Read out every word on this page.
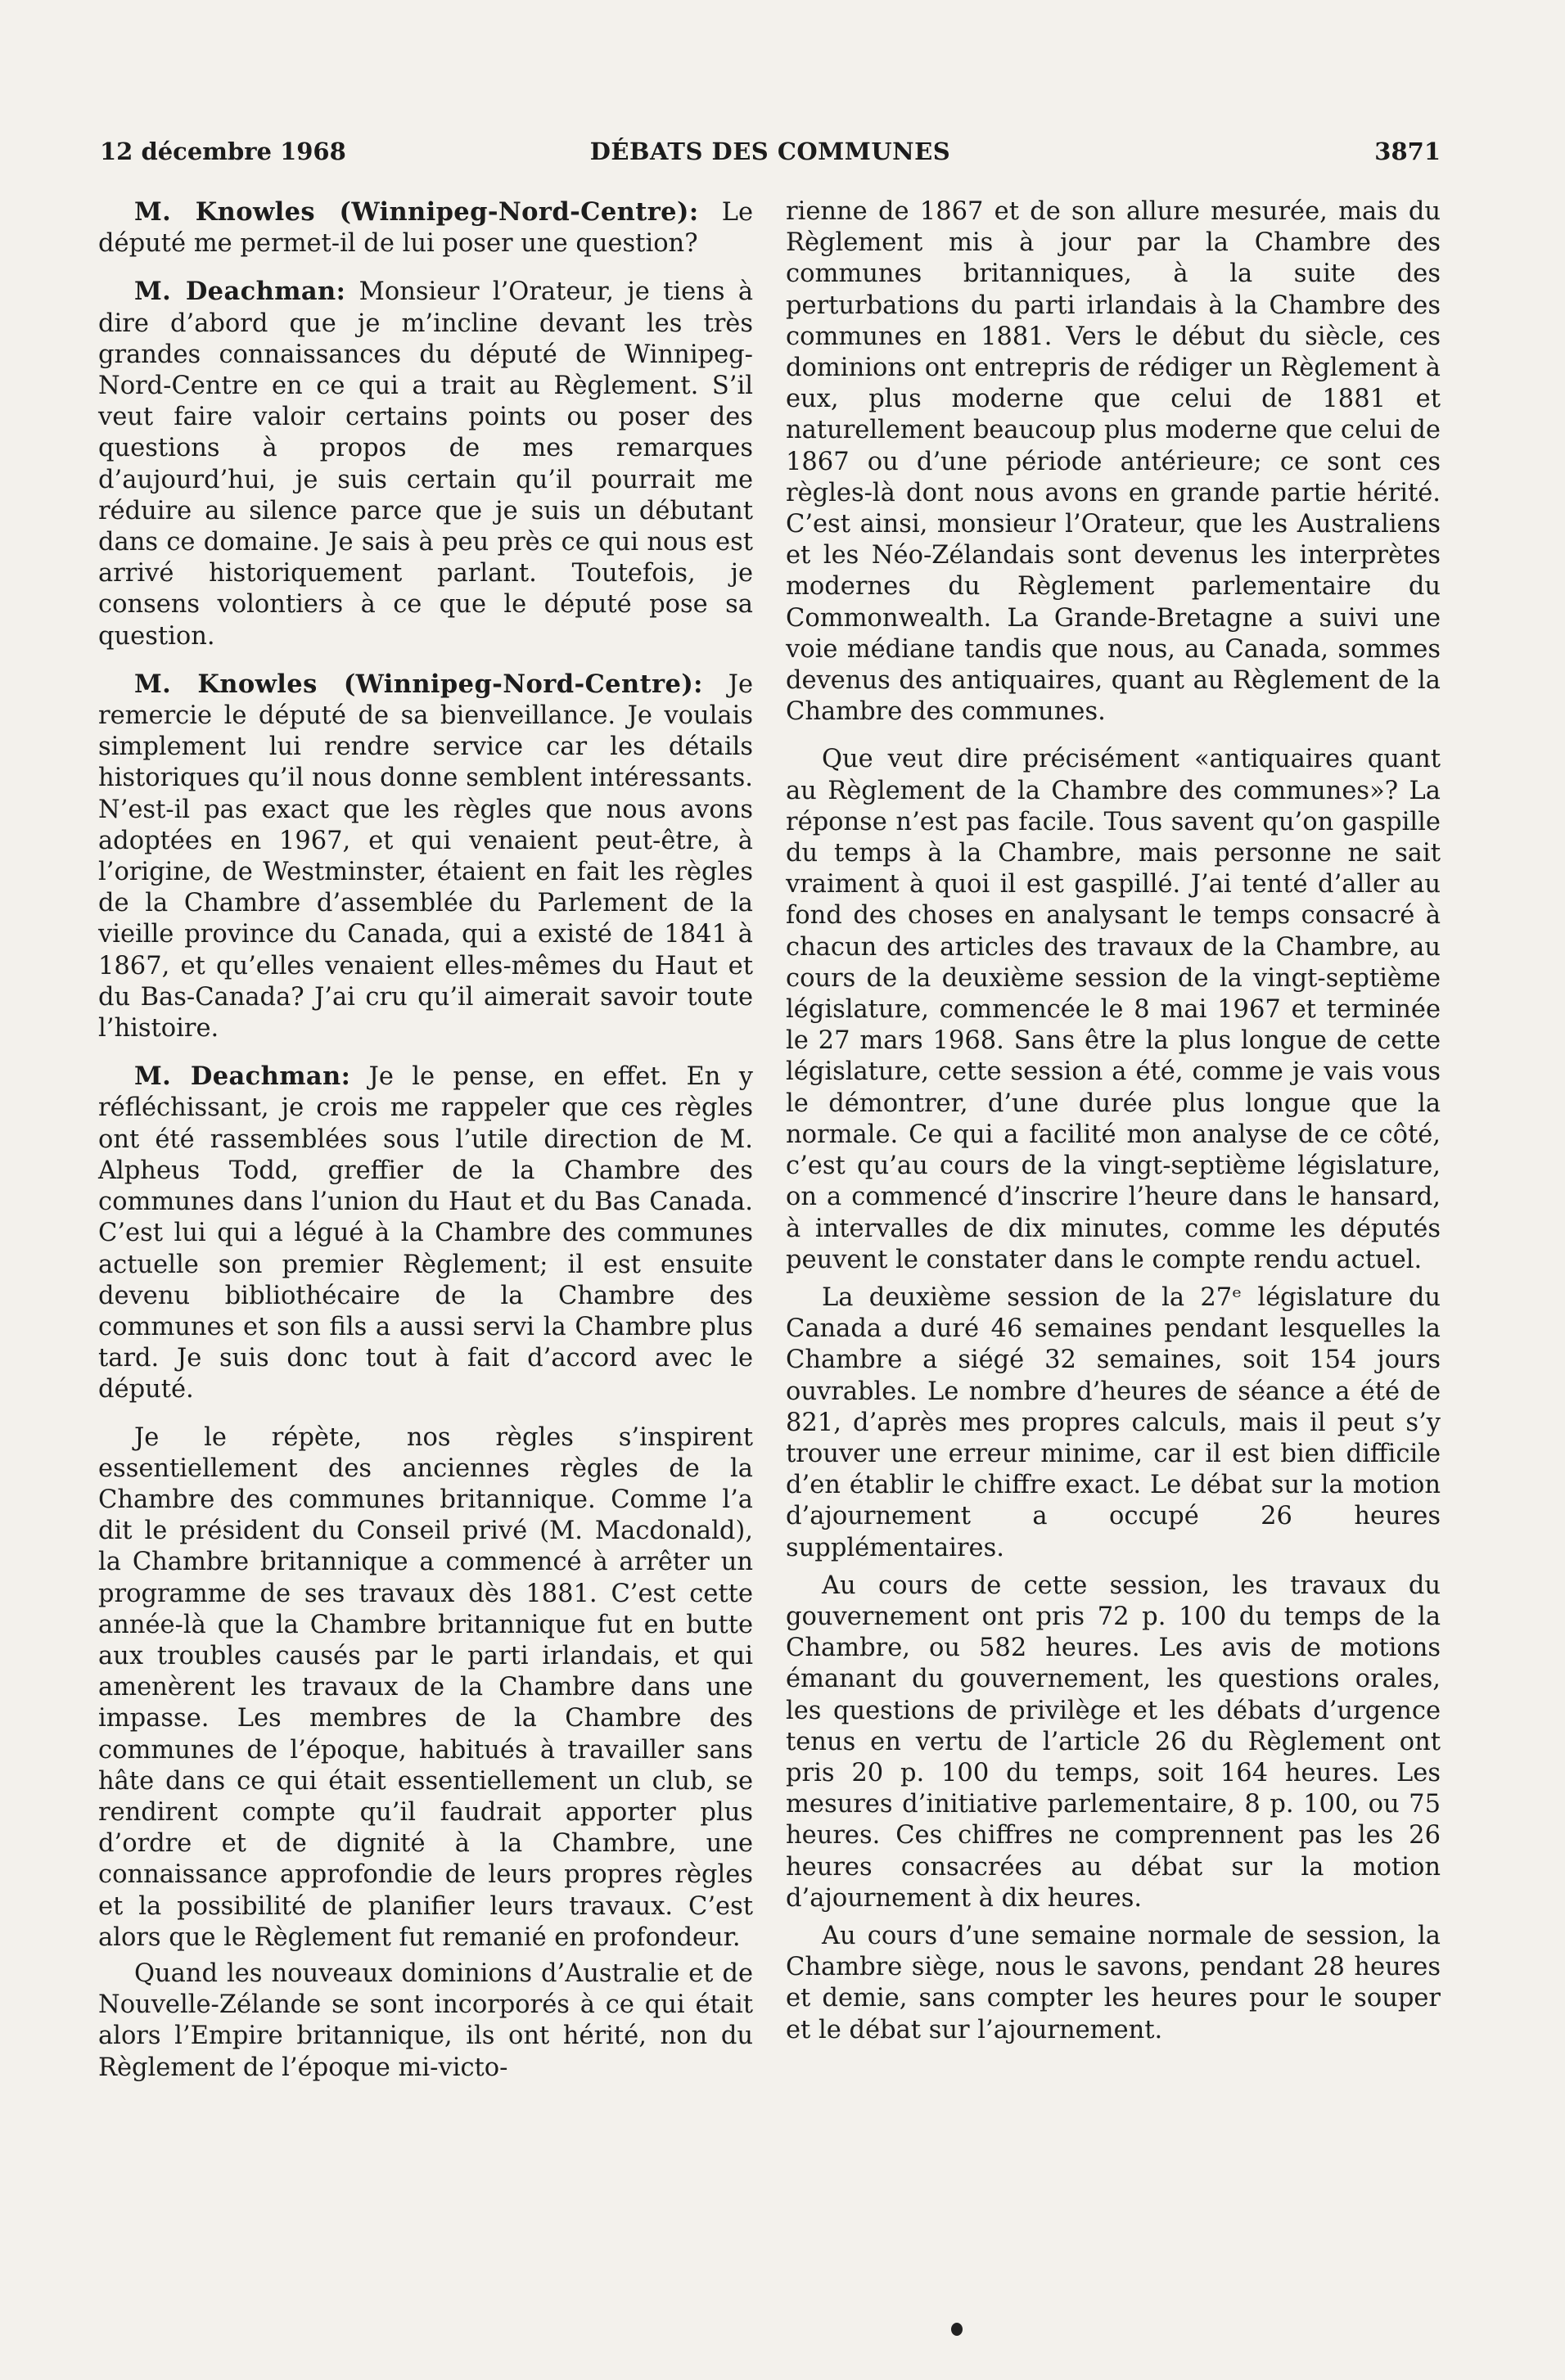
12 décembre 1968	DÉBATS DES COMMUNES	3871

M. Knowles (Winnipeg-Nord-Centre): Le député me permet-il de lui poser une question?

M. Deachman: Monsieur l’Orateur, je tiens à dire d’abord que je m’incline devant les très grandes connaissances du député de Winnipeg-Nord-Centre en ce qui a trait au Règlement. S’il veut faire valoir certains points ou poser des questions à propos de mes remarques d’aujourd’hui, je suis certain qu’il pourrait me réduire au silence parce que je suis un débutant dans ce domaine. Je sais à peu près ce qui nous est arrivé historiquement parlant. Toutefois, je consens volontiers à ce que le député pose sa question.

M. Knowles (Winnipeg-Nord-Centre): Je remercie le député de sa bienveillance. Je voulais simplement lui rendre service car les détails historiques qu’il nous donne semblent intéressants. N’est-il pas exact que les règles que nous avons adoptées en 1967, et qui venaient peut-être, à l’origine, de Westminster, étaient en fait les règles de la Chambre d’assemblée du Parlement de la vieille province du Canada, qui a existé de 1841 à 1867, et qu’elles venaient elles-mêmes du Haut et du Bas-Canada? J’ai cru qu’il aimerait savoir toute l’histoire.

M. Deachman: Je le pense, en effet. En y réfléchissant, je crois me rappeler que ces règles ont été rassemblées sous l’utile direction de M. Alpheus Todd, greffier de la Chambre des communes dans l’union du Haut et du Bas Canada. C’est lui qui a légué à la Chambre des communes actuelle son premier Règlement; il est ensuite devenu bibliothécaire de la Chambre des communes et son fils a aussi servi la Chambre plus tard. Je suis donc tout à fait d’accord avec le député.

Je le répète, nos règles s’inspirent essentiellement des anciennes règles de la Chambre des communes britannique. Comme l’a dit le président du Conseil privé (M. Macdonald), la Chambre britannique a commencé à arrêter un programme de ses travaux dès 1881. C’est cette année-là que la Chambre britannique fut en butte aux troubles causés par le parti irlandais, et qui amenèrent les travaux de la Chambre dans une impasse. Les membres de la Chambre des communes de l’époque, habitués à travailler sans hâte dans ce qui était essentiellement un club, se rendirent compte qu’il faudrait apporter plus d’ordre et de dignité à la Chambre, une connaissance approfondie de leurs propres règles et la possibilité de planifier leurs travaux. C’est alors que le Règlement fut remanié en profondeur.

Quand les nouveaux dominions d’Australie et de Nouvelle-Zélande se sont incorporés à ce qui était alors l’Empire britannique, ils ont hérité, non du Règlement de l’époque mi-victo-

rienne de 1867 et de son allure mesurée, mais du Règlement mis à jour par la Chambre des communes britanniques, à la suite des perturbations du parti irlandais à la Chambre des communes en 1881. Vers le début du siècle, ces dominions ont entrepris de rédiger un Règlement à eux, plus moderne que celui de 1881 et naturellement beaucoup plus moderne que celui de 1867 ou d’une période antérieure; ce sont ces règles-là dont nous avons en grande partie hérité. C’est ainsi, monsieur l’Orateur, que les Australiens et les Néo-Zélandais sont devenus les interprètes modernes du Règlement parlementaire du Commonwealth. La Grande-Bretagne a suivi une voie médiane tandis que nous, au Canada, sommes devenus des antiquaires, quant au Règlement de la Chambre des communes.

Que veut dire précisément «antiquaires quant au Règlement de la Chambre des communes»? La réponse n’est pas facile. Tous savent qu’on gaspille du temps à la Chambre, mais personne ne sait vraiment à quoi il est gaspillé. J’ai tenté d’aller au fond des choses en analysant le temps consacré à chacun des articles des travaux de la Chambre, au cours de la deuxième session de la vingt-septième législature, commencée le 8 mai 1967 et terminée le 27 mars 1968. Sans être la plus longue de cette législature, cette session a été, comme je vais vous le démontrer, d’une durée plus longue que la normale. Ce qui a facilité mon analyse de ce côté, c’est qu’au cours de la vingt-septième législature, on a commencé d’inscrire l’heure dans le hansard, à intervalles de dix minutes, comme les députés peuvent le constater dans le compte rendu actuel.

La deuxième session de la 27ᵉ législature du Canada a duré 46 semaines pendant lesquelles la Chambre a siégé 32 semaines, soit 154 jours ouvrables. Le nombre d’heures de séance a été de 821, d’après mes propres calculs, mais il peut s’y trouver une erreur minime, car il est bien difficile d’en établir le chiffre exact. Le débat sur la motion d’ajournement a occupé 26 heures supplémentaires.

Au cours de cette session, les travaux du gouvernement ont pris 72 p. 100 du temps de la Chambre, ou 582 heures. Les avis de motions émanant du gouvernement, les questions orales, les questions de privilège et les débats d’urgence tenus en vertu de l’article 26 du Règlement ont pris 20 p. 100 du temps, soit 164 heures. Les mesures d’initiative parlementaire, 8 p. 100, ou 75 heures. Ces chiffres ne comprennent pas les 26 heures consacrées au débat sur la motion d’ajournement à dix heures.

Au cours d’une semaine normale de session, la Chambre siège, nous le savons, pendant 28 heures et demie, sans compter les heures pour le souper et le débat sur l’ajournement.
